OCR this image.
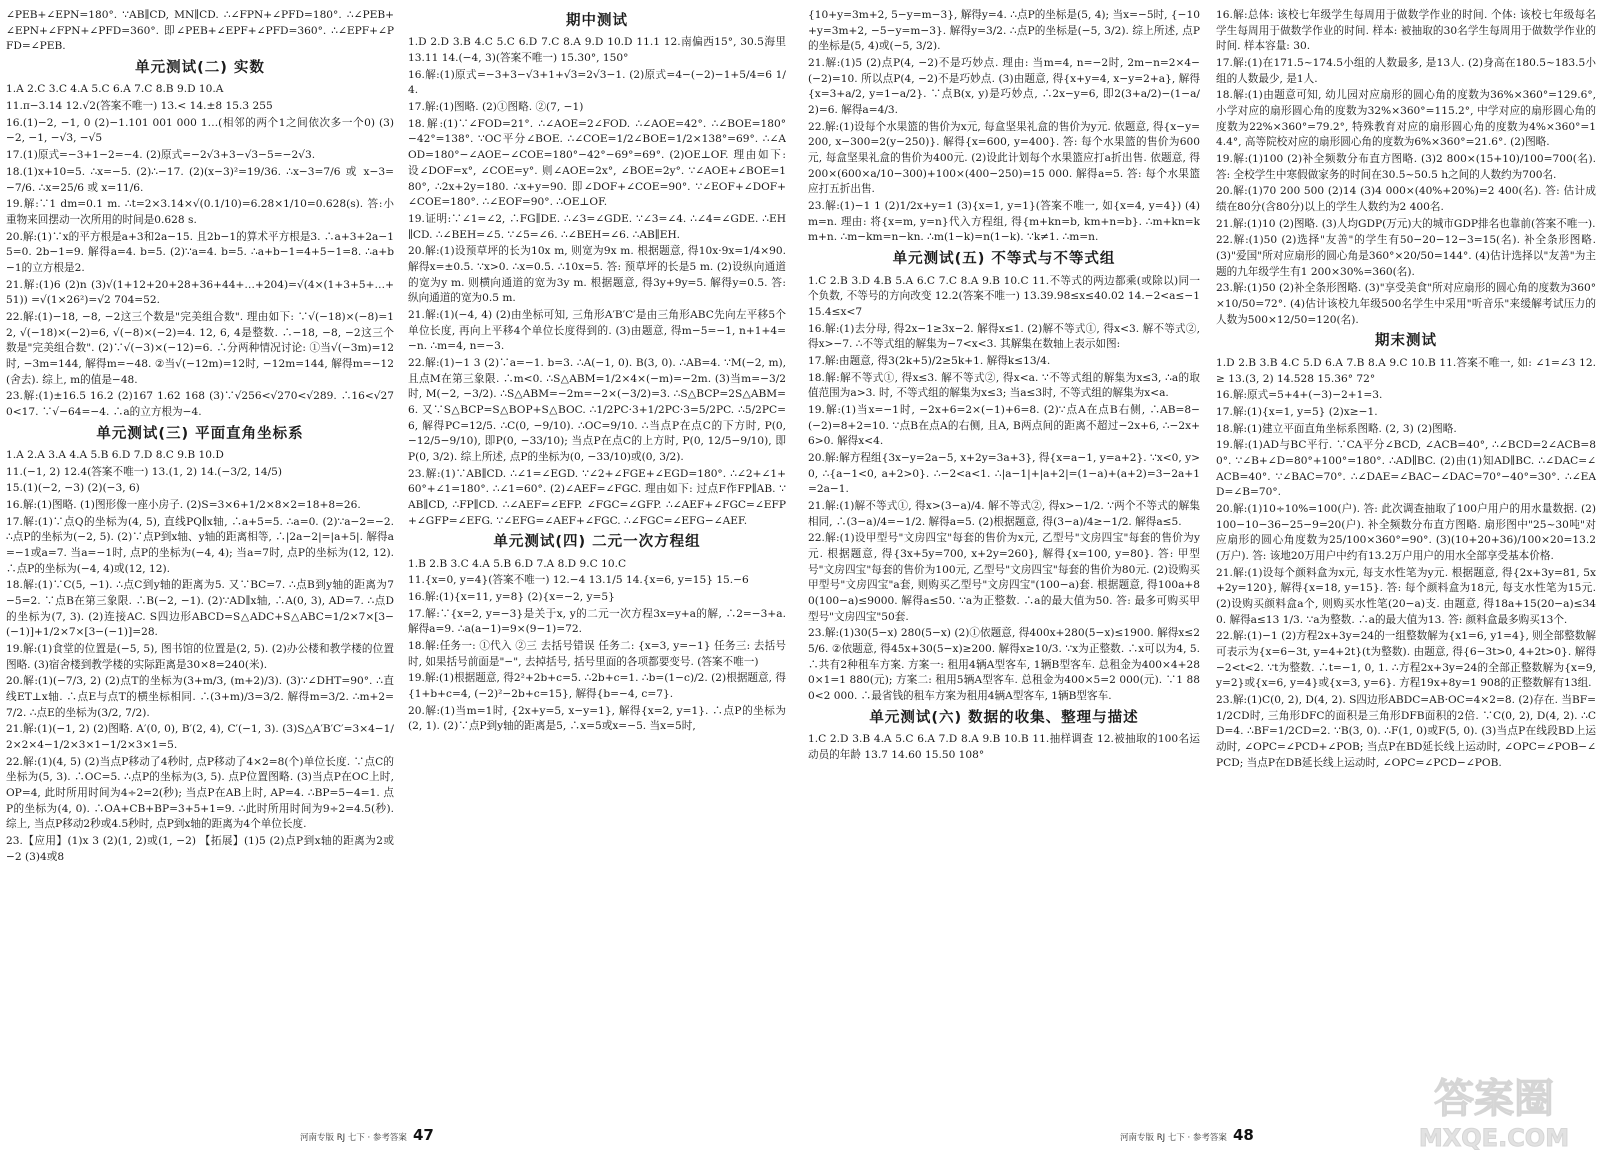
∠PEB+∠EPN=180°. ∵AB∥CD, MN∥CD. ∴∠FPN+∠PFD=180°. ∴∠PEB+∠EPN+∠FPN+∠PFD=360°. 即∠PEB+∠EPF+∠PFD=360°. ∴∠EPF+∠PFD=∠PEB.

单元测试(二) 实数

1.A 2.C 3.C 4.A 5.C 6.A 7.C 8.B 9.D 10.A

11.π−3.14 12.√2(答案不唯一) 13.< 14.±8 15.3 255

16.(1)−2, −1, 0 (2)−1.101 001 000 1…(相邻的两个1之间依次多一个0) (3)−2, −1, −√3, −√5

17.(1)原式=−3+1−2=−4. (2)原式=−2√3+3−√3−5=−2√3.

18.(1)x+10=5. ∴x=−5. (2)∴−17. (2)(x−3)²=19/36. ∴x−3=7/6 或 x−3=−7/6. ∴x=25/6 或 x=11/6.

19.解:∵1 dm=0.1 m. ∴t=2×3.14×√(0.1/10)=6.28×1/10=0.628(s). 答:小重物来回摆动一次所用的时间是0.628 s.

20.解:(1)∵x的平方根是a+3和2a−15. 且2b−1的算术平方根是3. ∴a+3+2a−15=0. 2b−1=9. 解得a=4. b=5. (2)∵a=4. b=5. ∴a+b−1=4+5−1=8. ∴a+b−1的立方根是2.

21.解:(1)6 (2)n (3)√(1+12+20+28+36+44+…+204)=√(4×(1+3+5+…+51)) =√(1×26²)=√2 704=52.

22.解:(1)−18, −8, −2这三个数是"完美组合数". 理由如下: ∵√(−18)×(−8)=12, √(−18)×(−2)=6, √(−8)×(−2)=4. 12, 6, 4是整数. ∴−18, −8, −2这三个数是"完美组合数". (2)∵√(−3)×(−12)=6. ∴分两种情况讨论: ①当√(−3m)=12时, −3m=144, 解得m=−48. ②当√(−12m)=12时, −12m=144, 解得m=−12 (舍去). 综上, m的值是−48.

23.解:(1)±16.5 16.2 (2)167 1.62 168 (3)∵√256<√270<√289. ∴16<√270<17. ∵√−64=−4. ∴a的立方根为−4.

单元测试(三) 平面直角坐标系

1.A 2.A 3.A 4.A 5.B 6.D 7.D 8.C 9.B 10.D

11.(−1, 2) 12.4(答案不唯一) 13.(1, 2) 14.(−3/2, 14/5)

15.(1)(−2, −3) (2)(−3, 6)

16.解:(1)图略. (1)图形像一座小房子. (2)S=3×6+1/2×8×2=18+8=26.

17.解:(1)∵点Q的坐标为(4, 5), 直线PQ∥x轴, ∴a+5=5. ∴a=0. (2)∵a−2=−2. ∴点P的坐标为(−2, 5). (2)∵点P到x轴、y轴的距离相等, ∴|2a−2|=|a+5|. 解得a=−1或a=7. 当a=−1时, 点P的坐标为(−4, 4); 当a=7时, 点P的坐标为(12, 12). ∴点P的坐标为(−4, 4)或(12, 12).

18.解:(1)∵C(5, −1). ∴点C到y轴的距离为5. 又∵BC=7. ∴点B到y轴的距离为7−5=2. ∵点B在第三象限. ∴B(−2, −1). (2)∵AD∥x轴, ∴A(0, 3), AD=7. ∴点D的坐标为(7, 3). (2)连接AC. S四边形ABCD=S△ADC+S△ABC=1/2×7×[3−(−1)]+1/2×7×[3−(−1)]=28.

19.解:(1)食堂的位置是(−5, 5), 图书馆的位置是(2, 5). (2)办公楼和教学楼的位置图略. (3)宿舍楼到教学楼的实际距离是30×8=240(米).

20.解:(1)(−7/3, 2) (2)点T的坐标为(3+m/3, (m+2)/3). (3)∵∠DHT=90°. ∴直线ET⊥x轴. ∴点E与点T的横坐标相同. ∴(3+m)/3=3/2. 解得m=3/2. ∴m+2=7/2. ∴点E的坐标为(3/2, 7/2).

21.解:(1)(−1, 2) (2)图略. A′(0, 0), B′(2, 4), C′(−1, 3). (3)S△A′B′C′=3×4−1/2×2×4−1/2×3×1−1/2×3×1=5.

22.解:(1)(4, 5) (2)当点P移动了4秒时, 点P移动了4×2=8(个)单位长度. ∵点C的坐标为(5, 3). ∴OC=5. ∴点P的坐标为(3, 5). 点P位置图略. (3)当点P在OC上时, OP=4, 此时所用时间为4÷2=2(秒); 当点P在AB上时, AP=4. ∴BP=5−4=1. 点P的坐标为(4, 0). ∴OA+CB+BP=3+5+1=9. ∴此时所用时间为9÷2=4.5(秒). 综上, 当点P移动2秒或4.5秒时, 点P到x轴的距离为4个单位长度.

23.【应用】(1)x 3 (2)(1, 2)或(1, −2) 【拓展】(1)5 (2)点P到x轴的距离为2或−2 (3)4或8

期中测试

1.D 2.D 3.B 4.C 5.C 6.D 7.C 8.A 9.D 10.D 11.1 12.南偏西15°, 30.5海里 13.11 14.(−4, 3)(答案不唯一) 15.30°, 150°

16.解:(1)原式=−3+3−√3+1+√3=2√3−1. (2)原式=4−(−2)−1+5/4=6 1/4.

17.解:(1)图略. (2)①图略. ②(7, −1)

18.解:(1)∵∠FOD=21°. ∴∠AOE=2∠FOD. ∴∠AOE=42°. ∴∠BOE=180°−42°=138°. ∵OC平分∠BOE. ∴∠COE=1/2∠BOE=1/2×138°=69°. ∴∠AOD=180°−∠AOE−∠COE=180°−42°−69°=69°. (2)OE⊥OF. 理由如下: 设∠DOF=x°, ∠COE=y°. 则∠AOE=2x°, ∠BOE=2y°. ∵∠AOE+∠BOE=180°, ∴2x+2y=180. ∴x+y=90. 即∠DOF+∠COE=90°. ∵∠EOF+∠DOF+∠COE=180°. ∴∠EOF=90°. ∴OE⊥OF.

19.证明:∵∠1=∠2, ∴FG∥DE. ∴∠3=∠GDE. ∵∠3=∠4. ∴∠4=∠GDE. ∴EH∥CD. ∴∠BEH=∠5. ∵∠5=∠6. ∴∠BEH=∠6. ∴AB∥EH.

20.解:(1)设预草坪的长为10x m, 则宽为9x m. 根据题意, 得10x·9x=1/4×90. 解得x=±0.5. ∵x>0. ∴x=0.5. ∴10x=5. 答: 预草坪的长是5 m. (2)设纵向通道的宽为y m. 则横向通道的宽为3y m. 根据题意, 得3y+9y=5. 解得y=0.5. 答: 纵向通道的宽为0.5 m.

21.解:(1)(−4, 4) (2)由坐标可知, 三角形A′B′C′是由三角形ABC先向左平移5个单位长度, 再向上平移4个单位长度得到的. (3)由题意, 得m−5=−1, n+1+4=−n. ∴m=4, n=−3.

22.解:(1)−1 3 (2)∵a=−1. b=3. ∴A(−1, 0). B(3, 0). ∴AB=4. ∵M(−2, m), 且点M在第三象限. ∴m<0. ∴S△ABM=1/2×4×(−m)=−2m. (3)当m=−3/2时, M(−2, −3/2). ∴S△ABM=−2m=−2×(−3/2)=3. ∴S△BCP=2S△ABM=6. 又∵S△BCP=S△BOP+S△BOC. ∴1/2PC·3+1/2PC·3=5/2PC. ∴5/2PC=6, 解得PC=12/5. ∴C(0, −9/10). ∴OC=9/10. ∴当点P在点C的下方时, P(0, −12/5−9/10), 即P(0, −33/10); 当点P在点C的上方时, P(0, 12/5−9/10), 即P(0, 3/2). 综上所述, 点P的坐标为(0, −33/10)或(0, 3/2).

23.解:(1)∵AB∥CD. ∴∠1=∠EGD. ∵∠2+∠FGE+∠EGD=180°. ∴∠2+∠1+60°+∠1=180°. ∴∠1=60°. (2)∠AEF=∠FGC. 理由如下: 过点F作FP∥AB. ∵AB∥CD, ∴FP∥CD. ∴∠AEF=∠EFP. ∠FGC=∠GFP. ∴∠AEF+∠FGC=∠EFP+∠GFP=∠EFG. ∵∠EFG=∠AEF+∠FGC. ∴∠FGC=∠EFG−∠AEF.

单元测试(四) 二元一次方程组

1.B 2.B 3.C 4.A 5.B 6.D 7.A 8.D 9.C 10.C

11.{x=0, y=4}(答案不唯一) 12.−4 13.1/5 14.{x=6, y=15} 15.−6

16.解:(1){x=11, y=8} (2){x=−2, y=5}

17.解:∵{x=2, y=−3}是关于x, y的二元一次方程3x=y+a的解, ∴2=−3+a. 解得a=9. ∴a(a−1)=9×(9−1)=72.

18.解:任务一: ①代入 ②三 去括号错误 任务二: {x=3, y=−1} 任务三: 去括号时, 如果括号前面是"−", 去掉括号, 括号里面的各项都要变号. (答案不唯一)

19.解:(1)根据题意, 得2²+2b+c=5. ∴2b+c=1. ∴b=(1−c)/2. (2)根据题意, 得{1+b+c=4, (−2)²−2b+c=15}, 解得{b=−4, c=7}.

20.解:(1)当m=1时, {2x+y=5, x−y=1}, 解得{x=2, y=1}. ∴点P的坐标为(2, 1). (2)∵点P到y轴的距离是5, ∴x=5或x=−5. 当x=5时,

{10+y=3m+2, 5−y=m−3}, 解得y=4. ∴点P的坐标是(5, 4); 当x=−5时, {−10+y=3m+2, −5−y=m−3}. 解得y=3/2. ∴点P的坐标是(−5, 3/2). 综上所述, 点P的坐标是(5, 4)或(−5, 3/2).

21.解:(1)5 (2)点P(4, −2)不是巧妙点. 理由: 当m=4, n=−2时, 2m−n=2×4−(−2)=10. 所以点P(4, −2)不是巧妙点. (3)由题意, 得{x+y=4, x−y=2+a}, 解得{x=3+a/2, y=1−a/2}. ∵点B(x, y)是巧妙点, ∴2x−y=6, 即2(3+a/2)−(1−a/2)=6. 解得a=4/3.

22.解:(1)设每个水果篮的售价为x元, 每盒坚果礼盒的售价为y元. 依题意, 得{x−y=200, x−300=2(y−250)}. 解得{x=600, y=400}. 答: 每个水果篮的售价为600元, 每盒坚果礼盒的售价为400元. (2)设此计划每个水果篮应打a折出售. 依题意, 得200×(600×a/10−300)+100×(400−250)=15 000. 解得a=5. 答: 每个水果篮应打五折出售.

23.解:(1)−1 1 (2)1/2x+y=1 (3){x=1, y=1}(答案不唯一, 如{x=4, y=4}) (4)m=n. 理由: 将{x=m, y=n}代入方程组, 得{m+kn=b, km+n=b}. ∴m+kn=km+n. ∴m−km=n−kn. ∴m(1−k)=n(1−k). ∵k≠1. ∴m=n.

单元测试(五) 不等式与不等式组

1.C 2.B 3.D 4.B 5.A 6.C 7.C 8.A 9.B 10.C 11.不等式的两边都乘(或除以)同一个负数, 不等号的方向改变 12.2(答案不唯一) 13.39.98≤x≤40.02 14.−2<a≤−1 15.4≤x<7

16.解:(1)去分母, 得2x−1≥3x−2. 解得x≤1. (2)解不等式①, 得x<3. 解不等式②, 得x>−7. ∴不等式组的解集为−7<x<3. 其解集在数轴上表示如图:

17.解:由题意, 得3(2k+5)/2≥5k+1. 解得k≤13/4.

18.解:解不等式①, 得x≤3. 解不等式②, 得x<a. ∵不等式组的解集为x≤3, ∴a的取值范围为a>3. 时, 不等式组的解集为x≤3; 当a≤3时, 不等式组的解集为x<a.

19.解:(1)当x=−1时, −2x+6=2×(−1)+6=8. (2)∵点A在点B右侧, ∴AB=8−(−2)=8+2=10. ∵点B在点A的右侧, 且A, B两点间的距离不超过−2x+6, ∴−2x+6>0. 解得x<4.

20.解:解方程组{3x−y=2a−5, x+2y=3a+3}, 得{x=a−1, y=a+2}. ∵x<0, y>0, ∴{a−1<0, a+2>0}. ∴−2<a<1. ∴|a−1|+|a+2|=(1−a)+(a+2)=3−2a+1=2a−1.

21.解:(1)解不等式①, 得x>(3−a)/4. 解不等式②, 得x>−1/2. ∵两个不等式的解集相同, ∴(3−a)/4=−1/2. 解得a=5. (2)根据题意, 得(3−a)/4≥−1/2. 解得a≤5.

22.解:(1)设甲型号"文房四宝"每套的售价为x元, 乙型号"文房四宝"每套的售价为y元. 根据题意, 得{3x+5y=700, x+2y=260}, 解得{x=100, y=80}. 答: 甲型号"文房四宝"每套的售价为100元, 乙型号"文房四宝"每套的售价为80元. (2)设购买甲型号"文房四宝"a套, 则购买乙型号"文房四宝"(100−a)套. 根据题意, 得100a+80(100−a)≤9000. 解得a≤50. ∵a为正整数. ∴a的最大值为50. 答: 最多可购买甲型号"文房四宝"50套.

23.解:(1)30(5−x) 280(5−x) (2)①依题意, 得400x+280(5−x)≤1900. 解得x≤25/6. ②依题意, 得45x+30(5−x)≥200. 解得x≥10/3. ∵x为正整数. ∴x可以为4, 5. ∴共有2种租车方案. 方案一: 租用4辆A型客车, 1辆B型客车. 总租金为400×4+280×1=1 880(元); 方案二: 租用5辆A型客车. 总租金为400×5=2 000(元). ∵1 880<2 000. ∴最省钱的租车方案为租用4辆A型客车, 1辆B型客车.

单元测试(六) 数据的收集、整理与描述

1.C 2.D 3.B 4.A 5.C 6.A 7.D 8.A 9.B 10.B 11.抽样调查 12.被抽取的100名运动员的年龄 13.7 14.60 15.50 108°

16.解:总体: 该校七年级学生每周用于做数学作业的时间. 个体: 该校七年级每名学生每周用于做数学作业的时间. 样本: 被抽取的30名学生每周用于做数学作业的时间. 样本容量: 30.

17.解:(1)在171.5~174.5小组的人数最多, 是13人. (2)身高在180.5~183.5小组的人数最少, 是1人.

18.解:(1)由题意可知, 幼儿园对应扇形的圆心角的度数为36%×360°=129.6°, 小学对应的扇形圆心角的度数为32%×360°=115.2°, 中学对应的扇形圆心角的度数为22%×360°=79.2°, 特殊教育对应的扇形圆心角的度数为4%×360°=14.4°, 高等院校对应的扇形圆心角的度数为6%×360°=21.6°. (2)图略.

19.解:(1)100 (2)补全频数分布直方图略. (3)2 800×(15+10)/100=700(名). 答: 全校学生中寒假做家务的时间在30.5~50.5 h之间的人数约为700名.

20.解:(1)70 200 500 (2)14 (3)4 000×(40%+20%)=2 400(名). 答: 估计成绩在80分(含80分)以上的学生人数约为2 400名.

21.解:(1)10 (2)图略. (3)人均GDP(万元)大的城市GDP排名也靠前(答案不唯一).

22.解:(1)50 (2)选择"友善"的学生有50−20−12−3=15(名). 补全条形图略. (3)"爱国"所对应扇形的圆心角是360°×20/50=144°. (4)估计选择以"友善"为主题的九年级学生有1 200×30%=360(名).

23.解:(1)50 (2)补全条形图略. (3)"享受美食"所对应扇形的圆心角的度数为360°×10/50=72°. (4)估计该校九年级500名学生中采用"听音乐"来缓解考试压力的人数为500×12/50=120(名).

期末测试

1.D 2.B 3.B 4.C 5.D 6.A 7.B 8.A 9.C 10.B 11.答案不唯一, 如: ∠1=∠3 12.≥ 13.(3, 2) 14.528 15.36° 72°

16.解:原式=5+4+(−3)−2+1=3.

17.解:(1){x=1, y=5} (2)x≥−1.

18.解:(1)建立平面直角坐标系图略. (2, 3) (2)图略.

19.解:(1)AD与BC平行. ∵CA平分∠BCD, ∠ACB=40°, ∴∠BCD=2∠ACB=80°. ∵∠B+∠D=80°+100°=180°. ∴AD∥BC. (2)由(1)知AD∥BC. ∴∠DAC=∠ACB=40°. ∵∠BAC=70°. ∴∠DAE=∠BAC−∠DAC=70°−40°=30°. ∴∠EAD=∠B=70°.

20.解:(1)10÷10%=100(户). 答: 此次调查抽取了100户用户的用水量数据. (2)100−10−36−25−9=20(户). 补全频数分布直方图略. 扇形图中"25~30吨"对应扇形的圆心角度数为25/100×360°=90°. (3)(10+20+36)/100×20=13.2(万户). 答: 该地20万用户中约有13.2万户用户的用水全部享受基本价格.

21.解:(1)设每个颜料盒为x元, 每支水性笔为y元. 根据题意, 得{2x+3y=81, 5x+2y=120}, 解得{x=18, y=15}. 答: 每个颜料盒为18元, 每支水性笔为15元. (2)设购买颜料盒a个, 则购买水性笔(20−a)支. 由题意, 得18a+15(20−a)≤340. 解得a≤13 1/3. ∵a为整数. ∴a的最大值为13. 答: 颜料盒最多购买13个.

22.解:(1)−1 (2)方程2x+3y=24的一组整数解为{x1=6, y1=4}, 则全部整数解可表示为{x=6−3t, y=4+2t}(t为整数). 由题意, 得{6−3t>0, 4+2t>0}. 解得−2<t<2. ∵t为整数. ∴t=−1, 0, 1. ∴方程2x+3y=24的全部正整数解为{x=9, y=2}或{x=6, y=4}或{x=3, y=6}. 方程19x+8y=1 908的正整数解有13组.

23.解:(1)C(0, 2), D(4, 2). S四边形ABDC=AB·OC=4×2=8. (2)存在. 当BF=1/2CD时, 三角形DFC的面积是三角形DFB面积的2倍. ∵C(0, 2), D(4, 2). ∴CD=4. ∴BF=1/2CD=2. ∵B(3, 0). ∴F(1, 0)或F(5, 0). (3)当点P在线段BD上运动时, ∠OPC=∠PCD+∠POB; 当点P在BD延长线上运动时, ∠OPC=∠POB−∠PCD; 当点P在DB延长线上运动时, ∠OPC=∠PCD−∠POB.

河南专版 RJ 七下 · 参考答案 47	河南专版 RJ 七下 · 参考答案 48
答案圈
MXQE.COM
